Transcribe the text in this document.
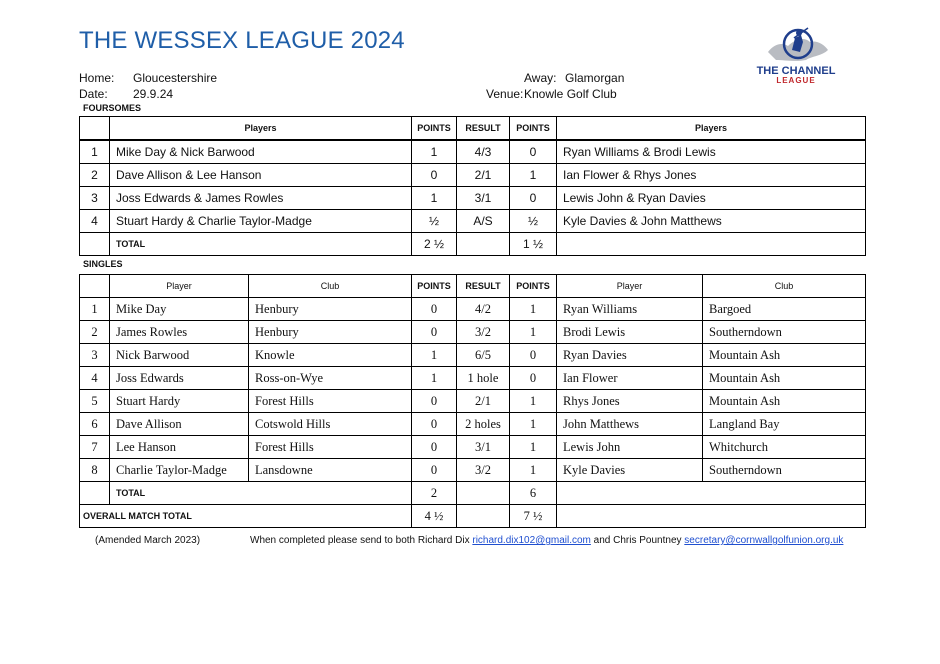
THE WESSEX LEAGUE 2024
Home: Gloucestershire
Date: 29.9.24
Away: Glamorgan
Venue: Knowle Golf Club
THE CHANNEL
LEAGUE
FOURSOMES
	Players	POINTS	RESULT	POINTS	Players

1	Mike Day & Nick Barwood	1	4/3	0	Ryan Williams & Brodi Lewis
2	Dave Allison & Lee Hanson	0	2/1	1	Ian Flower & Rhys Jones
3	Joss Edwards & James Rowles	1	3/1	0	Lewis John & Ryan Davies
4	Stuart Hardy & Charlie Taylor-Madge	½	A/S	½	Kyle Davies & John Matthews
	TOTAL	2 ½		1 ½	
SINGLES
	Player	Club	POINTS	RESULT	POINTS	Player	Club
1	Mike Day	Henbury	0	4/2	1	Ryan Williams	Bargoed
2	James Rowles	Henbury	0	3/2	1	Brodi Lewis	Southerndown
3	Nick Barwood	Knowle	1	6/5	0	Ryan Davies	Mountain Ash
4	Joss Edwards	Ross-on-Wye	1	1 hole	0	Ian Flower	Mountain Ash
5	Stuart Hardy	Forest Hills	0	2/1	1	Rhys Jones	Mountain Ash
6	Dave Allison	Cotswold Hills	0	2 holes	1	John Matthews	Langland Bay
7	Lee Hanson	Forest Hills	0	3/1	1	Lewis John	Whitchurch
8	Charlie Taylor-Madge	Lansdowne	0	3/2	1	Kyle Davies	Southerndown
	TOTAL		2		6		
OVERALL MATCH TOTAL			4 ½		7 ½		
(Amended March 2023)	When completed please send to both Richard Dix richard.dix102@gmail.com and Chris Pountney secretary@cornwallgolfunion.org.uk
